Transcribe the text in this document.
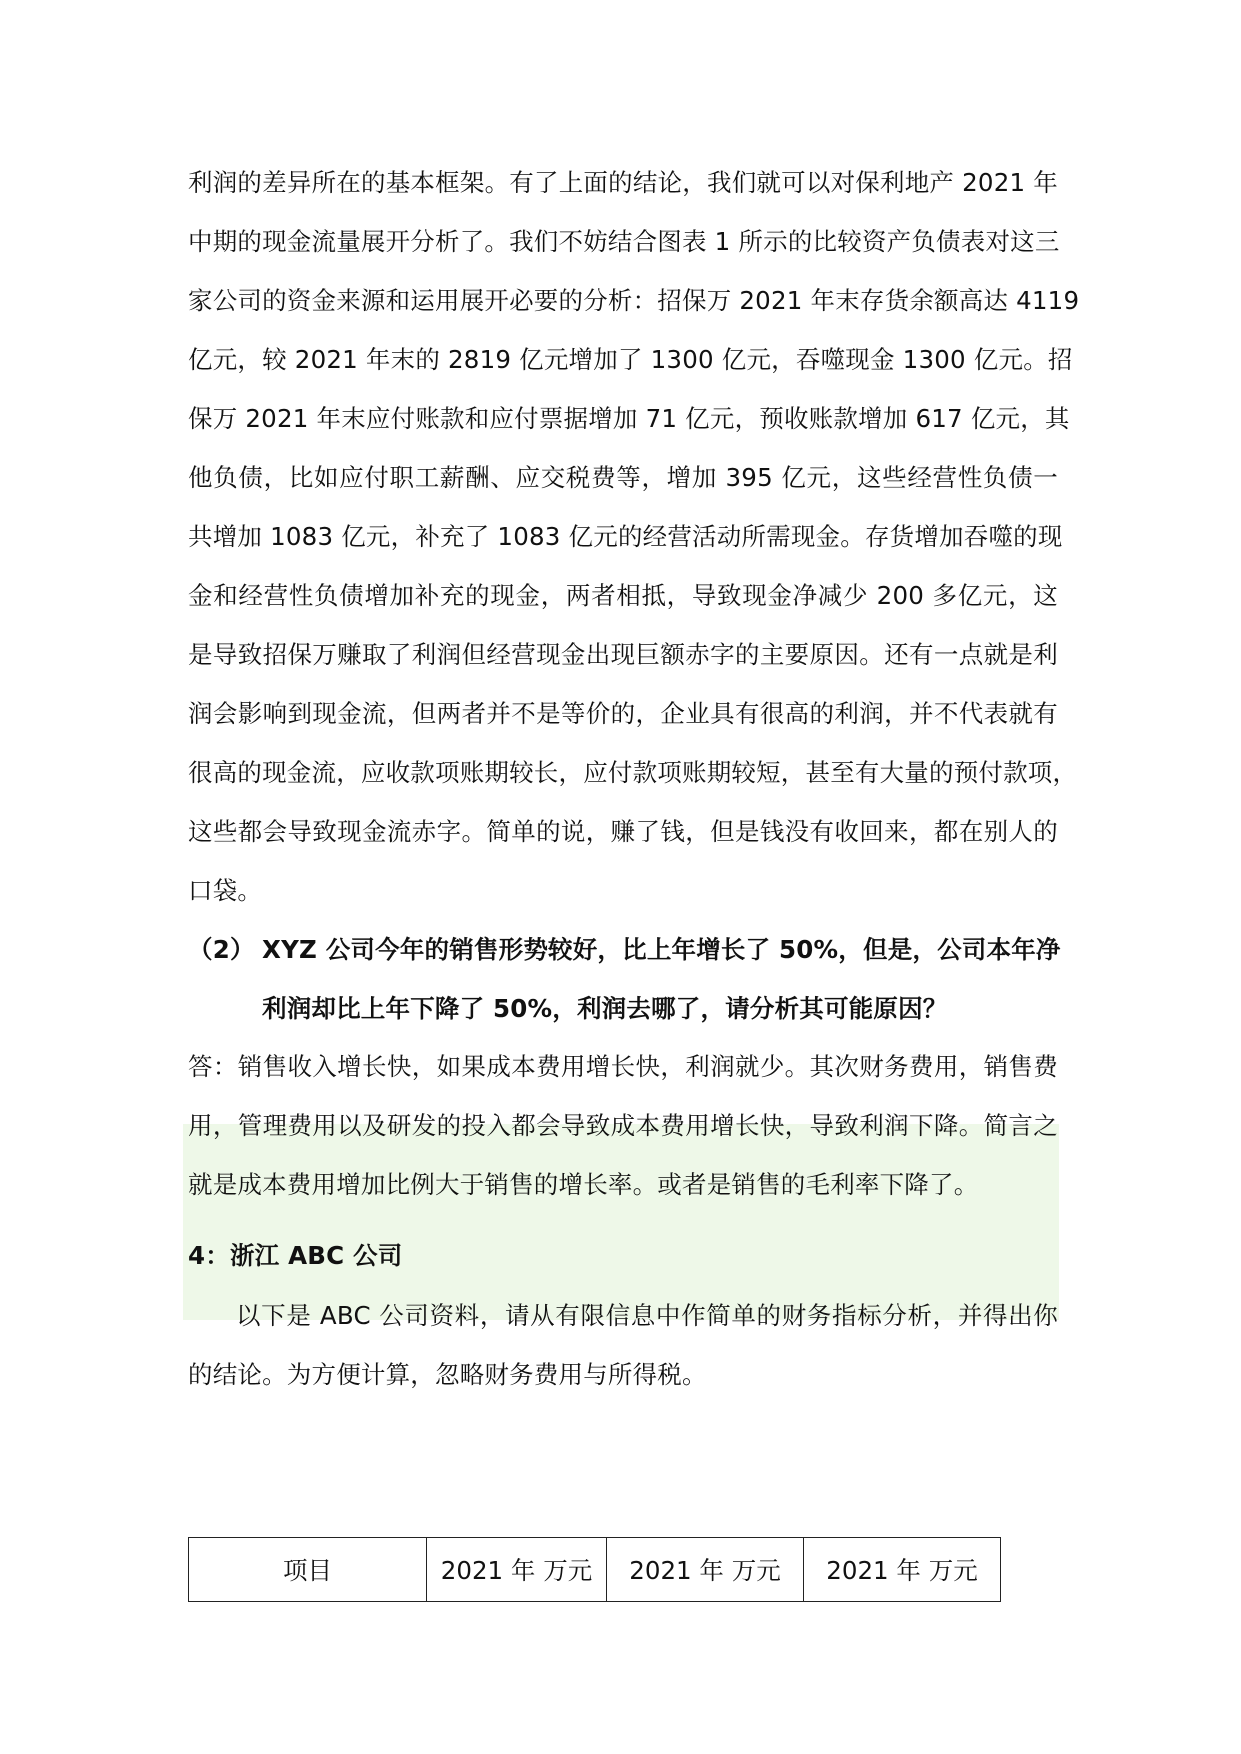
利润的差异所在的基本框架。有了上面的结论，我们就可以对保利地产 2021 年
中期的现金流量展开分析了。我们不妨结合图表 1 所示的比较资产负债表对这三
家公司的资金来源和运用展开必要的分析：招保万 2021 年末存货余额高达 4119
亿元，较 2021 年末的 2819 亿元增加了 1300 亿元，吞噬现金 1300 亿元。招
保万 2021 年末应付账款和应付票据增加 71 亿元，预收账款增加 617 亿元，其
他负债，比如应付职工薪酬、应交税费等，增加 395 亿元，这些经营性负债一
共增加 1083 亿元，补充了 1083 亿元的经营活动所需现金。存货增加吞噬的现
金和经营性负债增加补充的现金，两者相抵，导致现金净减少 200 多亿元，这
是导致招保万赚取了利润但经营现金出现巨额赤字的主要原因。还有一点就是利
润会影响到现金流，但两者并不是等价的，企业具有很高的利润，并不代表就有
很高的现金流，应收款项账期较长，应付款项账期较短，甚至有大量的预付款项，
这些都会导致现金流赤字。简单的说，赚了钱，但是钱没有收回来，都在别人的
口袋。
（2） XYZ 公司今年的销售形势较好，比上年增长了 50%，但是，公司本年净
利润却比上年下降了 50%，利润去哪了，请分析其可能原因？
答：销售收入增长快，如果成本费用增长快，利润就少。其次财务费用，销售费
用，管理费用以及研发的投入都会导致成本费用增长快，导致利润下降。简言之
就是成本费用增加比例大于销售的增长率。或者是销售的毛利率下降了。
4：浙江 ABC 公司
以下是 ABC 公司资料，请从有限信息中作简单的财务指标分析，并得出你
的结论。为方便计算，忽略财务费用与所得税。
项目	2021 年 万元	2021 年 万元	2021 年 万元
